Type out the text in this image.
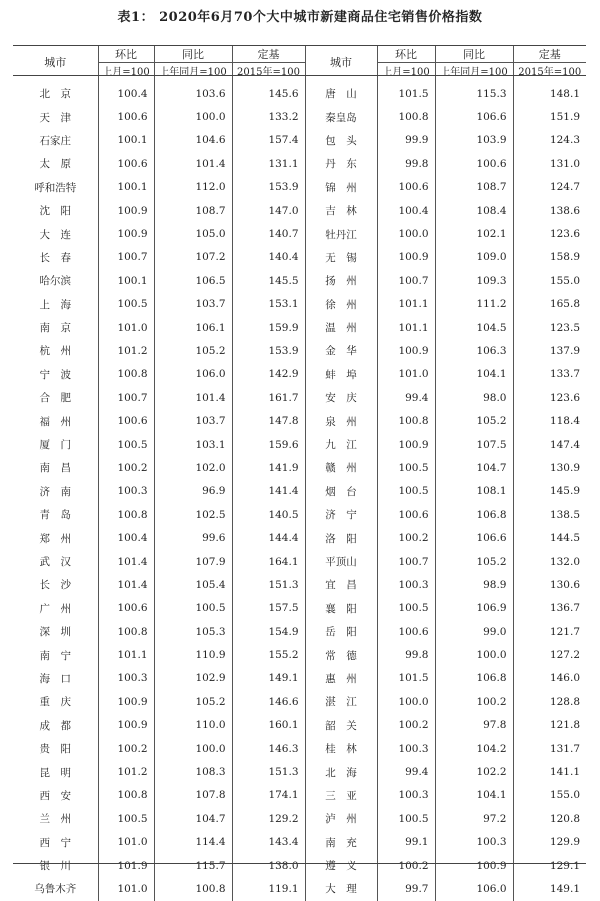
表1： 2020年6月70个大中城市新建商品住宅销售价格指数
城市	环比	同比	定基	城市	环比	同比	定基
	上月=100	上年同月=100	2015年=100		上月=100	上年同月=100	2015年=100
北　京	100.4	103.6	145.6	唐　山	101.5	115.3	148.1
天　津	100.6	100.0	133.2	秦皇岛	100.8	106.6	151.9
石家庄	100.1	104.6	157.4	包　头	99.9	103.9	124.3
太　原	100.6	101.4	131.1	丹　东	99.8	100.6	131.0
呼和浩特	100.1	112.0	153.9	锦　州	100.6	108.7	124.7
沈　阳	100.9	108.7	147.0	吉　林	100.4	108.4	138.6
大　连	100.9	105.0	140.7	牡丹江	100.0	102.1	123.6
长　春	100.7	107.2	140.4	无　锡	100.9	109.0	158.9
哈尔滨	100.1	106.5	145.5	扬　州	100.7	109.3	155.0
上　海	100.5	103.7	153.1	徐　州	101.1	111.2	165.8
南　京	101.0	106.1	159.9	温　州	101.1	104.5	123.5
杭　州	101.2	105.2	153.9	金　华	100.9	106.3	137.9
宁　波	100.8	106.0	142.9	蚌　埠	101.0	104.1	133.7
合　肥	100.7	101.4	161.7	安　庆	99.4	98.0	123.6
福　州	100.6	103.7	147.8	泉　州	100.8	105.2	118.4
厦　门	100.5	103.1	159.6	九　江	100.9	107.5	147.4
南　昌	100.2	102.0	141.9	赣　州	100.5	104.7	130.9
济　南	100.3	96.9	141.4	烟　台	100.5	108.1	145.9
青　岛	100.8	102.5	140.5	济　宁	100.6	106.8	138.5
郑　州	100.4	99.6	144.4	洛　阳	100.2	106.6	144.5
武　汉	101.4	107.9	164.1	平顶山	100.7	105.2	132.0
长　沙	101.4	105.4	151.3	宜　昌	100.3	98.9	130.6
广　州	100.6	100.5	157.5	襄　阳	100.5	106.9	136.7
深　圳	100.8	105.3	154.9	岳　阳	100.6	99.0	121.7
南　宁	101.1	110.9	155.2	常　德	99.8	100.0	127.2
海　口	100.3	102.9	149.1	惠　州	101.5	106.8	146.0
重　庆	100.9	105.2	146.6	湛　江	100.0	100.2	128.8
成　都	100.9	110.0	160.1	韶　关	100.2	97.8	121.8
贵　阳	100.2	100.0	146.3	桂　林	100.3	104.2	131.7
昆　明	101.2	108.3	151.3	北　海	99.4	102.2	141.1
西　安	100.8	107.8	174.1	三　亚	100.3	104.1	155.0
兰　州	100.5	104.7	129.2	泸　州	100.5	97.2	120.8
西　宁	101.0	114.4	143.4	南　充	99.1	100.3	129.9
银　川	101.9	115.7	138.0	遵　义	100.2	100.9	129.1
乌鲁木齐	101.0	100.8	119.1	大　理	99.7	106.0	149.1
